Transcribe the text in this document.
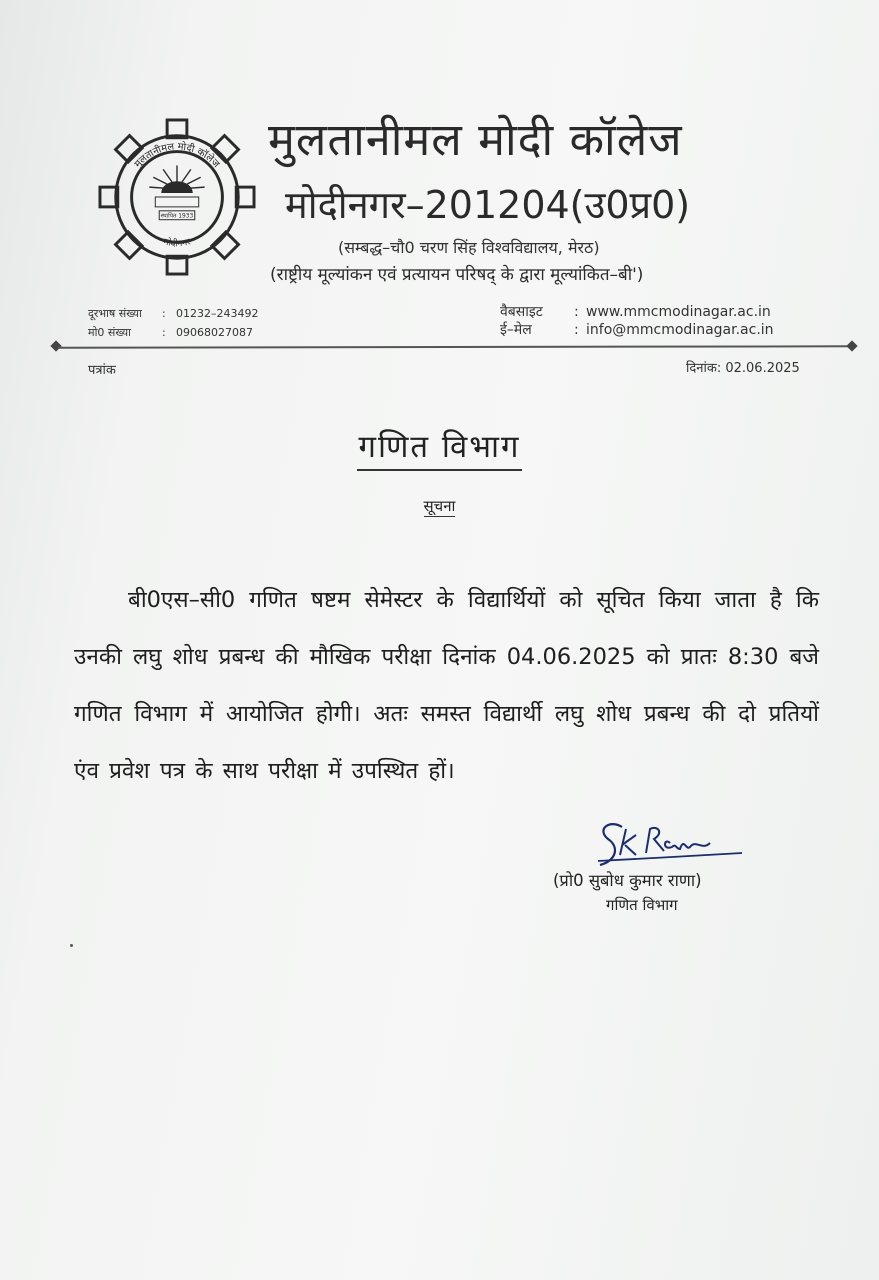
मुलतानीमल मोदी कॉलेज
मोदीनगर
स्थापित 1933
मुलतानीमल मोदी कॉलेज
मोदीनगर–201204(उ0प्र0)
(सम्बद्ध–चौ0 चरण सिंह विश्वविद्यालय, मेरठ)
(राष्ट्रीय मूल्यांकन एवं प्रत्यायन परिषद् के द्वारा मूल्यांकित–बी')
दूरभाष संख्या : 01232–243492
मो0 संख्या	: 09068027087
वैबसाइट : www.mmcmodinagar.ac.in
ई–मेल	: info@mmcmodinagar.ac.in
पत्रांक	दिनांक: 02.06.2025
गणित विभाग
सूचना
बी0एस–सी0 गणित षष्टम सेमेस्टर के विद्यार्थियों को सूचित किया जाता है कि उनकी लघु शोध प्रबन्ध की मौखिक परीक्षा दिनांक 04.06.2025 को प्रातः 8:30 बजे गणित विभाग में आयोजित होगी। अतः समस्त विद्यार्थी लघु शोध प्रबन्ध की दो प्रतियों एंव प्रवेश पत्र के साथ परीक्षा में उपस्थित हों।
(प्रो0 सुबोध कुमार राणा)
गणित विभाग
